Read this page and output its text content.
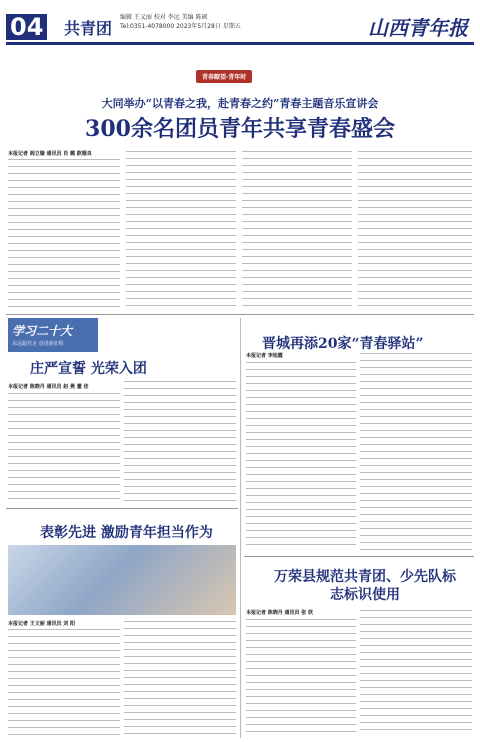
04 共青团
编辑 王义丽 校对 李远 美编 陈硕
Tel:0351-4078000 2023年5月28日 星期五	山西青年报
青春瞭望·青年时
大同举办“以青春之我，赴青春之约”青春主题音乐宣讲会
300余名团员青年共享青春盛会
本报记者 阎立璇 通讯员 肖 璐 欧德良
学习二十大
永远跟党走 奋进新征程
庄严宣誓 光荣入团
本报记者 陈晓丹 通讯员 赵 燕 董 佳
表彰先进 激励青年担当作为
本报记者 王文丽 通讯员 刘 阳
晋城再添20家“青春驿站”
本报记者 李旭霞
万荣县规范共青团、少先队标志标识使用
本报记者 陈晓丹 通讯员 张 欣
